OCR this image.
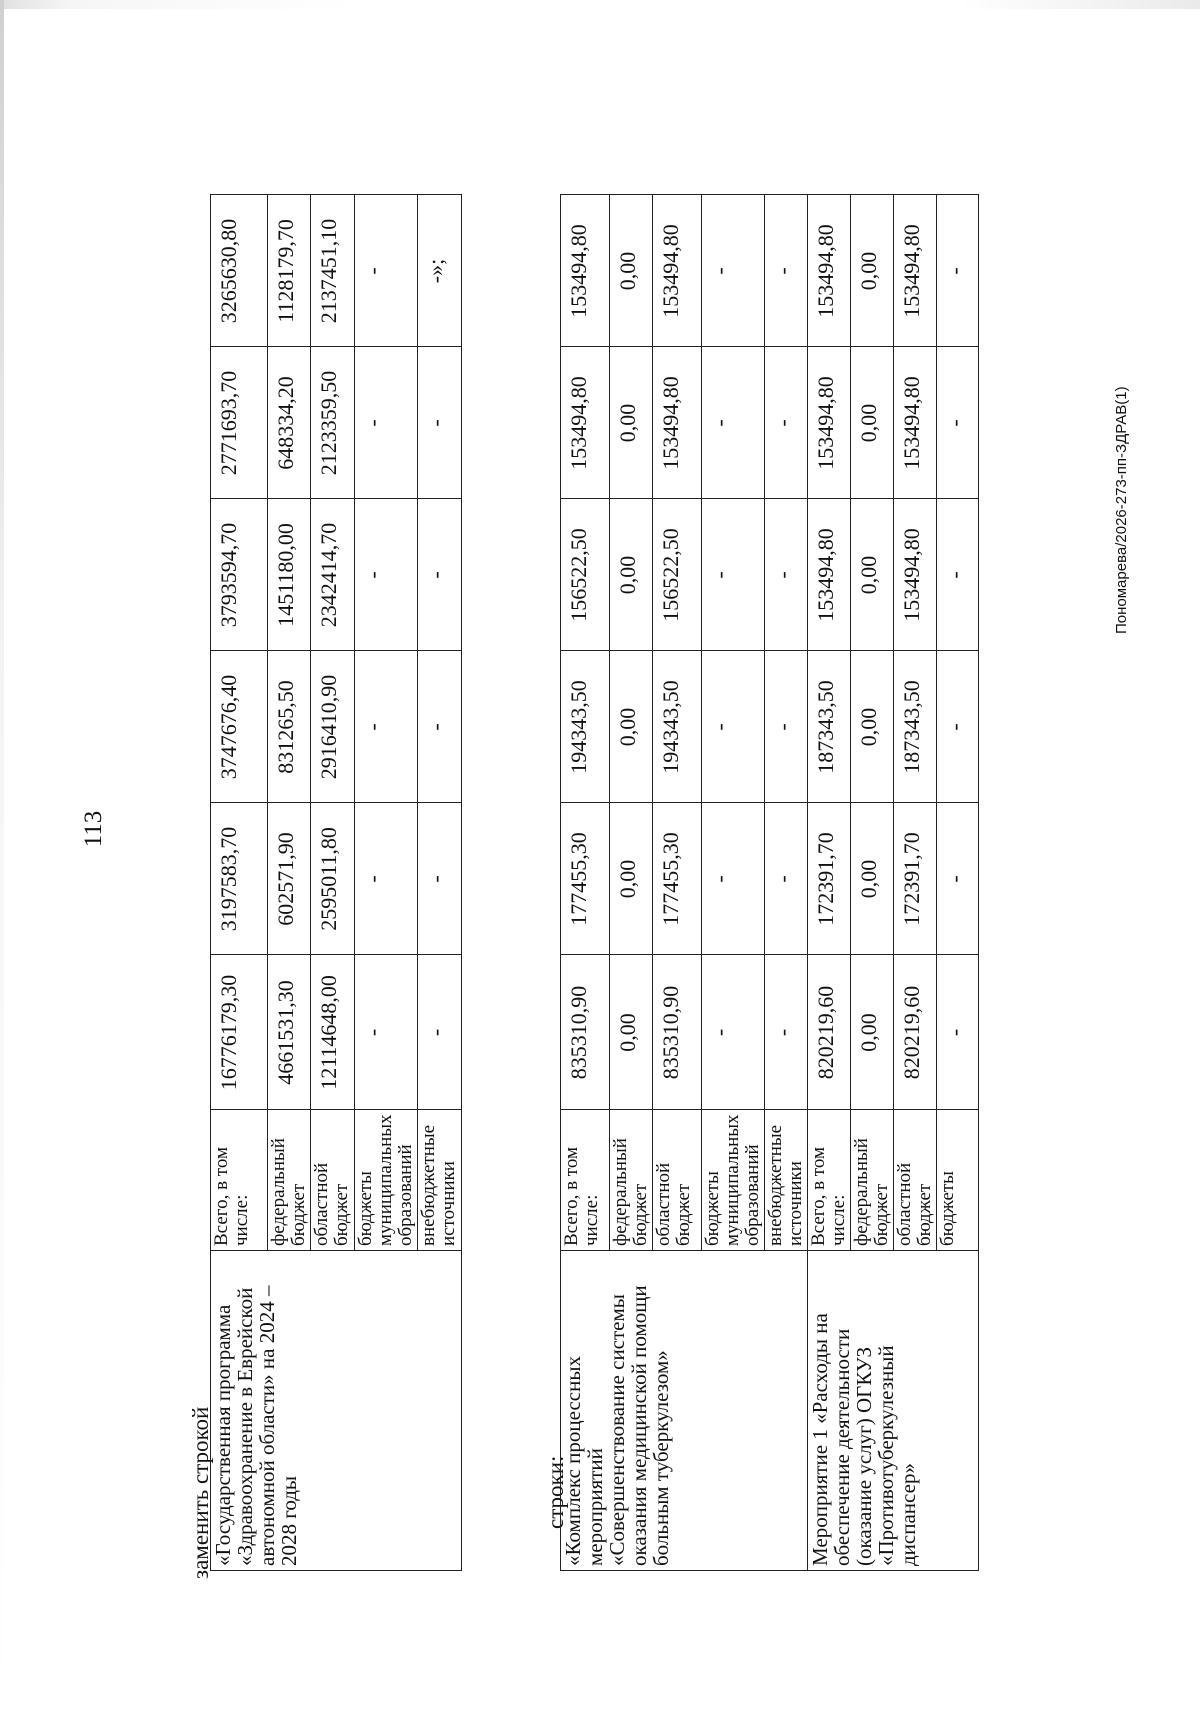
113
заменить строкой
«Государственная программа «Здравоохранение в Еврейской автономной области» на 2024 – 2028 годы	Всего, в том числе:	16776179,30	3197583,70	3747676,40	3793594,70	2771693,70	3265630,80
	федеральный бюджет	4661531,30	602571,90	831265,50	1451180,00	648334,20	1128179,70
	областной бюджет	12114648,00	2595011,80	2916410,90	2342414,70	2123359,50	2137451,10
	бюджеты муниципальных образований	-	-	-	-	-	-
	внебюджетные источники	-	-	-	-	-	-»;
строки:
«Комплекс процессных мероприятий «Совершенствование системы оказания медицинской помощи больным туберкулезом»	Всего, в том числе:	835310,90	177455,30	194343,50	156522,50	153494,80	153494,80
	федеральный бюджет	0,00	0,00	0,00	0,00	0,00	0,00
	областной бюджет	835310,90	177455,30	194343,50	156522,50	153494,80	153494,80
	бюджеты муниципальных образований	-	-	-	-	-	-
	внебюджетные источники	-	-	-	-	-	-
Мероприятие 1 «Расходы на обеспечение деятельности (оказание услуг) ОГКУЗ «Противотуберкулезный диспансер»	Всего, в том числе:	820219,60	172391,70	187343,50	153494,80	153494,80	153494,80
	федеральный бюджет	0,00	0,00	0,00	0,00	0,00	0,00
	областной бюджет	820219,60	172391,70	187343,50	153494,80	153494,80	153494,80
	бюджеты	-	-	-	-	-	-
Пономарева/2026-273-пп-ЗДРАВ(1)
